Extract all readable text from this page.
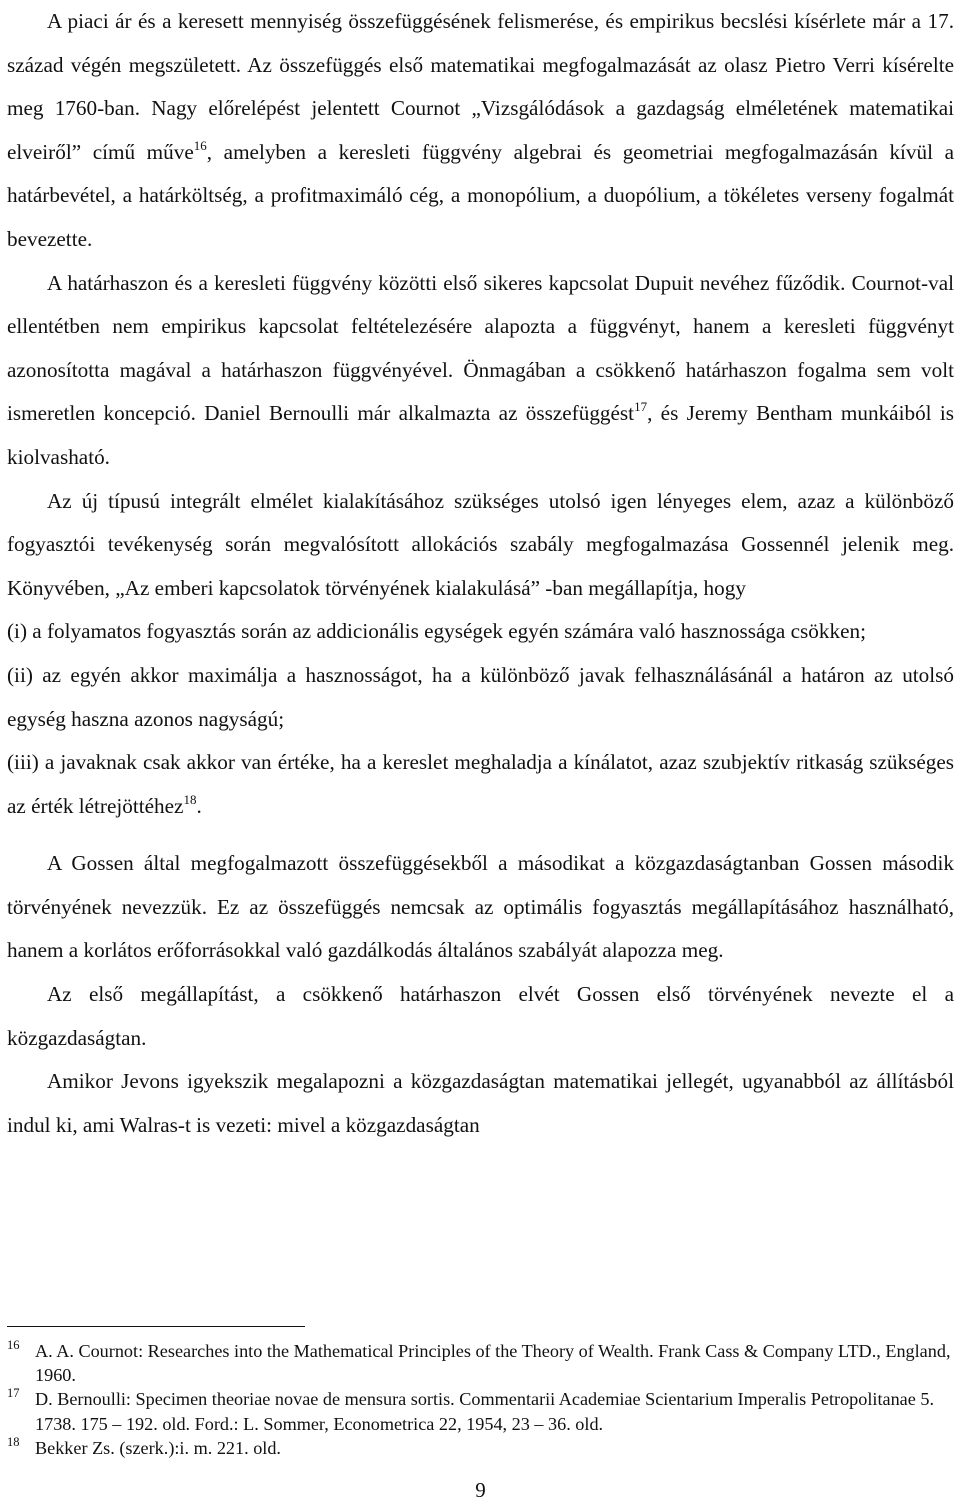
A piaci ár és a keresett mennyiség összefüggésének felismerése, és empirikus becslési kísérlete már a 17. század végén megszületett. Az összefüggés első matematikai megfogalmazását az olasz Pietro Verri kísérelte meg 1760-ban. Nagy előrelépést jelentett Cournot „Vizsgálódások a gazdagság elméletének matematikai elveiről” című műve$^{16}$, amelyben a keresleti függvény algebrai és geometriai megfogalmazásán kívül a határbevétel, a határköltség, a profitmaximáló cég, a monopólium, a duopólium, a tökéletes verseny fogalmát bevezette.

A határhaszon és a keresleti függvény közötti első sikeres kapcsolat Dupuit nevéhez fűződik. Cournot-val ellentétben nem empirikus kapcsolat feltételezésére alapozta a függvényt, hanem a keresleti függvényt azonosította magával a határhaszon függvényével. Önmagában a csökkenő határhaszon fogalma sem volt ismeretlen koncepció. Daniel Bernoulli már alkalmazta az összefüggést$^{17}$, és Jeremy Bentham munkáiból is kiolvasható.

Az új típusú integrált elmélet kialakításához szükséges utolsó igen lényeges elem, azaz a különböző fogyasztói tevékenység során megvalósított allokációs szabály megfogalmazása Gossennél jelenik meg. Könyvében, „Az emberi kapcsolatok törvényének kialakulásá” -ban megállapítja, hogy

(i) a folyamatos fogyasztás során az addicionális egységek egyén számára való hasznossága csökken;

(ii) az egyén akkor maximálja a hasznosságot, ha a különböző javak felhasználásánál a határon az utolsó egység haszna azonos nagyságú;

(iii) a javaknak csak akkor van értéke, ha a kereslet meghaladja a kínálatot, azaz szubjektív ritkaság szükséges az érték létrejöttéhez$^{18}$.

A Gossen által megfogalmazott összefüggésekből a másodikat a közgazdaságtanban Gossen második törvényének nevezzük. Ez az összefüggés nemcsak az optimális fogyasztás megállapításához használható, hanem a korlátos erőforrásokkal való gazdálkodás általános szabályát alapozza meg.

Az első megállapítást, a csökkenő határhaszon elvét Gossen első törvényének nevezte el a közgazdaságtan.

Amikor Jevons igyekszik megalapozni a közgazdaságtan matematikai jellegét, ugyanabból az állításból indul ki, ami Walras-t is vezeti: mivel a közgazdaságtan

16 A. A. Cournot: Researches into the Mathematical Principles of the Theory of Wealth. Frank Cass & Company LTD., England, 1960.

17 D. Bernoulli: Specimen theoriae novae de mensura sortis. Commentarii Academiae Scientarium Imperalis Petropolitanae 5. 1738. 175 – 192. old. Ford.: L. Sommer, Econometrica 22, 1954, 23 – 36. old.

18 Bekker Zs. (szerk.):i. m. 221. old.

9
